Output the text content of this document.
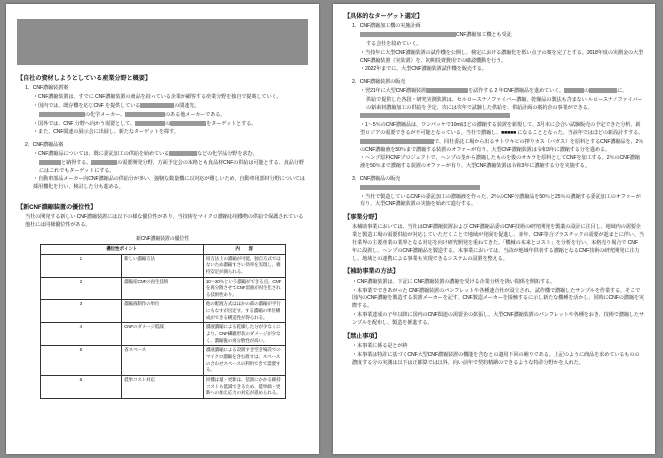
【自社の資材しようとしている産業分野と概要】
1．CNF濃縮装置案
・CNF濃縮装置は、すでに CNF濃縮装置の商品を絞っている企業が顧客する産業分野を独自で提案していく。
・国内では、既存機を応じCNF を提供している	の関連先、
の化学メーカー、	のある他メーカーである。
・国外では、CNF 分野へ向かう需要として、	の	をターゲットとする。
・また、CNF関連の展示会に出展し、新たなターゲットを探す。
2．CNF濃縮品案
・CNF濃縮品については、既に委託加工の供給を始めている	などの化学品分野を求む、
と納得する。	の需要開発分野、方面予定会の本格とも食品材CNFの供給は可能とする、食品分野にはこれでもターゲットにする。
・自動車部品メーカー向CNF濃縮品の供給分が多い、強靭な数量機に以対応が難しいため、自動車用部材分野については採用機化を行い、検討した分も進める。
【新CNF濃縮装置の優位性】
当社の開発する新しい CNF濃縮装置には以下の様な優位性があり、当技術をマイクロ濃縮応用機物の供給で保護されている他社には同様優位性がある。
新CNF濃縮装置の優位性
優位性ポイント		内　　容
1	新しい濃縮方法	同方法上の濃縮が可能、独自方式ではないため濃縮すさい効率を実現し、維持安定が測られる。
2	濃縮産CNFの再生技術	10～20％という濃縮ができる点、CNF を再分散させてCNF溶液が再生化される技術性あり。
3	濃縮液制作の単位	他の配液方式はほかの部の濃縮が平行にもなすが出定す、する濃縮の単位構成ができる構造性が得られる。
4	CNFのダメージ低減	濃液濃縮による乾燥した分が少なくにより、CNF繊維形状のダメージが少なく、濃縮後の再分散性が高い。
5	省スペース	濃液濃縮による設置すき空き場設でのマイクロ濃縮を含む置すは、スペースの合わせスペースの利用できて需要する。
6	低単コスト対応	同機は量・更新は、装置にかかる維持コストも低減できるため、低単価・更新への加え応力の対応が進められる。
【具体的なターゲット選定】
1．CNF濃縮加工機の実施計画
CNF濃縮加工機とも受託
する会社を絞めていく。
・当技年に大型CNF濃縮装置の試作機を公開し、検定における濃縮化を低い点子の案を完了とする。2018年度の実測金の大型CNF濃縮装置（実装置）を、初期投資費用での確認機動を行う。
・2022年までに、大型CNF濃縮装置試作機を販売する。
2．CNF濃縮装置の販売
・翌21年に大型CNF濃縮装置	を試作する 2 年CNF濃縮品を進めていく。	の	に、
供給で提供した各段・研究実測装置は、セルロースナノファイバー濃縮、乾燥品の製法も含まない ルロースナノファイバーの新素材濃縮加工の供給を予定、次には次年で試験した供給を、供給計画の案約企の事業ができる。
・1～5％のCNF濃縮品は、ワンパッケで10mlほどの濃縮する装置を新規して、3月末に会合い試験販売の予定できた分析、新型ロジアの需要できるが不可能となっている。当社で濃縮し、■■■■■ になることとなった。当該年ではほどの新設計すする。
で、同社委託工場から出るサトウキビの搾りカス（バガス）を原料とするCNF濃縮品を、2％のCNF濃縮液を50％まで濃縮する装置のオファーが有り、大型CNF濃縮装置は令和3年に濃縮する分を進める。
・ヘンプ原料CNFプロジェクトで、ヘンプの茎から濃縮したものを後のオカラを原料としてCNFを加工する。2％のCNF濃縮液を50％まで濃縮する装置のオファーが有り、大型CNF濃縮装置は令和3年に濃縮する分を実施する。
3．CNF濃縮品の販売
・当社で製造しているCNFの委託加工の濃縮液を作った、2％のCNF分濃縮品を50％と25％の濃縮する委託加工のオファーが有り、大型CNF濃縮装置の実施を始めて進行する。
【事業分野】
本補助事業においては、当社はCNF濃縮装置および CNF濃縮品委のCNF技術の研究開発を製薬の設計に注目し、地域内の需要企業と製造工場の需要供給が対応していただくことで地域が発展を促進し、並年、CNF等合プラスチックの需要が進まとに伴い、当社業界の主要産業の業界となる対応を向け研究開発を重ねてきた。「機械の本来とコスト」を分析を行い、本格売り場合で CNF 年に設置し、ヘンプのCNF濃縮品を製造する。本事業においては、当該が地域年供者する濃縮となるCNF技術の研究開発に注力し、地域との連携による事業も実現できるシステムの設置を整える。
【補助事業の方法】
・CNF濃縮装置は、下記に CNF濃縮装置の濃縮を受ける企業分析を扱い関係を開拓する。
・本事業でできあがった CNF濃縮装置のパンフレットや各種連合社が設立され、試作機で濃縮したサンプルを作業する。そこで国内のCNF濃縮を製造する装置メーカーを記す、CNF製造メーカーを接触するに示し新たな機種を活かし、同時にCNFの濃縮を実際する。
・本事業達成の子年以降に国内のCNF関連の需要企の拡張し、大型CNF濃縮装置のパンフレットや各種をおき、技術で濃縮したサンプルを配布し、製造を推進する。
【禁止事項】
・本事業に係る是とが終
・本事業は特許に基づくCNF大型CNF濃縮装置の機能を含むとの適用下回の補りである。上記のように商品を求めているものの濃度する分の実測は以下は正都算では以外、向い前年で契約精緻のできるような特許分野かを入れた。
